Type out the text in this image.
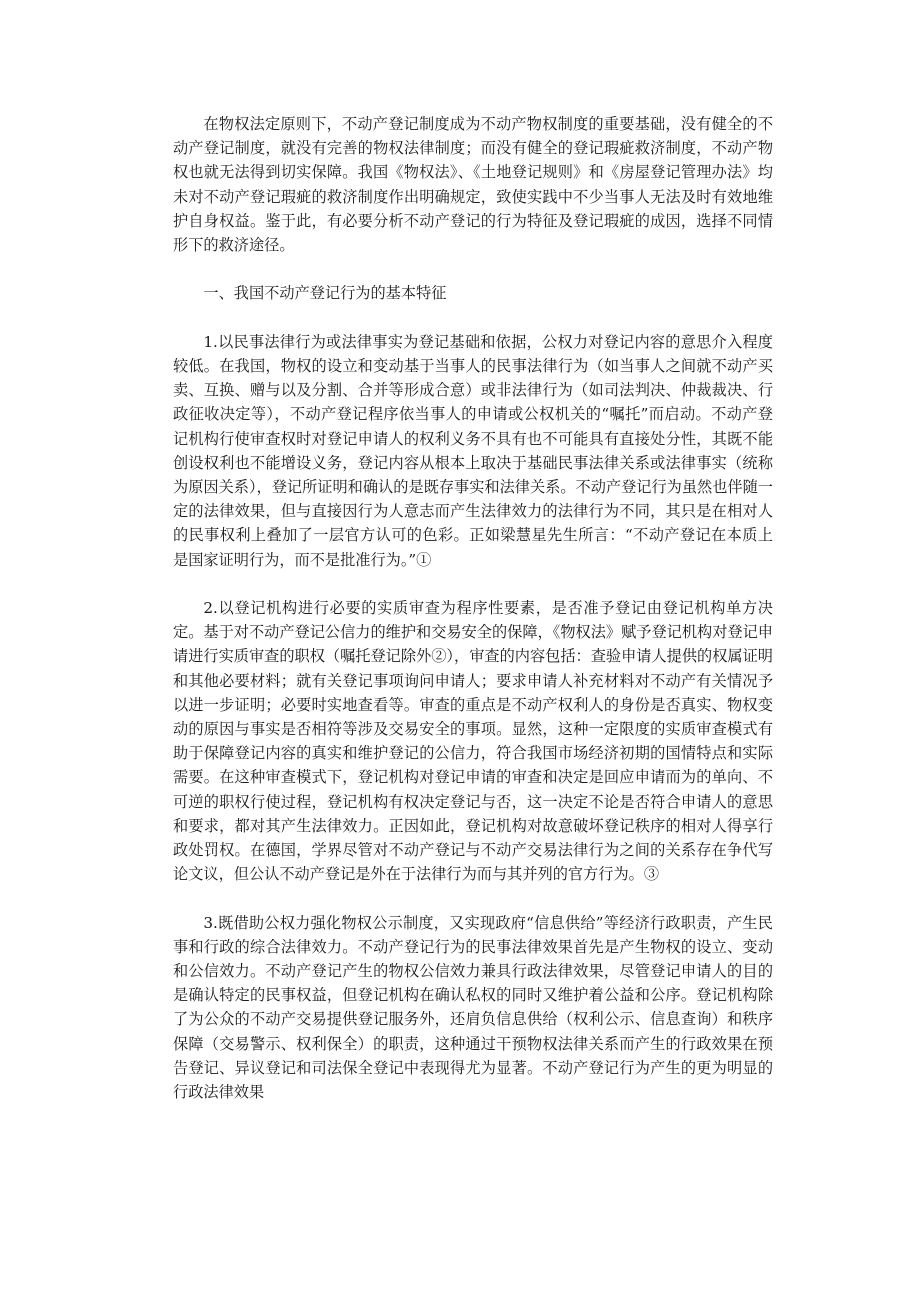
在物权法定原则下，不动产登记制度成为不动产物权制度的重要基础，没有健全的不动产登记制度，就没有完善的物权法律制度；而没有健全的登记瑕疵救济制度，不动产物权也就无法得到切实保障。我国《物权法》、《土地登记规则》和《房屋登记管理办法》均未对不动产登记瑕疵的救济制度作出明确规定，致使实践中不少当事人无法及时有效地维护自身权益。鉴于此，有必要分析不动产登记的行为特征及登记瑕疵的成因，选择不同情形下的救济途径。

一、我国不动产登记行为的基本特征

1.以民事法律行为或法律事实为登记基础和依据，公权力对登记内容的意思介入程度较低。在我国，物权的设立和变动基于当事人的民事法律行为（如当事人之间就不动产买卖、互换、赠与以及分割、合并等形成合意）或非法律行为（如司法判决、仲裁裁决、行政征收决定等），不动产登记程序依当事人的申请或公权机关的“嘱托”而启动。不动产登记机构行使审查权时对登记申请人的权利义务不具有也不可能具有直接处分性，其既不能创设权利也不能增设义务，登记内容从根本上取决于基础民事法律关系或法律事实（统称为原因关系），登记所证明和确认的是既存事实和法律关系。不动产登记行为虽然也伴随一定的法律效果，但与直接因行为人意志而产生法律效力的法律行为不同，其只是在相对人的民事权利上叠加了一层官方认可的色彩。正如梁慧星先生所言：“不动产登记在本质上是国家证明行为，而不是批准行为。”①

2.以登记机构进行必要的实质审查为程序性要素，是否准予登记由登记机构单方决定。基于对不动产登记公信力的维护和交易安全的保障，《物权法》赋予登记机构对登记申请进行实质审查的职权（嘱托登记除外②），审查的内容包括：查验申请人提供的权属证明和其他必要材料；就有关登记事项询问申请人；要求申请人补充材料对不动产有关情况予以进一步证明；必要时实地查看等。审查的重点是不动产权利人的身份是否真实、物权变动的原因与事实是否相符等涉及交易安全的事项。显然，这种一定限度的实质审查模式有助于保障登记内容的真实和维护登记的公信力，符合我国市场经济初期的国情特点和实际需要。在这种审查模式下，登记机构对登记申请的审查和决定是回应申请而为的单向、不可逆的职权行使过程，登记机构有权决定登记与否，这一决定不论是否符合申请人的意思和要求，都对其产生法律效力。正因如此，登记机构对故意破坏登记秩序的相对人得享行政处罚权。在德国，学界尽管对不动产登记与不动产交易法律行为之间的关系存在争代写论文议，但公认不动产登记是外在于法律行为而与其并列的官方行为。③

3.既借助公权力强化物权公示制度，又实现政府“信息供给”等经济行政职责，产生民事和行政的综合法律效力。不动产登记行为的民事法律效果首先是产生物权的设立、变动和公信效力。不动产登记产生的物权公信效力兼具行政法律效果，尽管登记申请人的目的是确认特定的民事权益，但登记机构在确认私权的同时又维护着公益和公序。登记机构除了为公众的不动产交易提供登记服务外，还肩负信息供给（权利公示、信息查询）和秩序保障（交易警示、权利保全）的职责，这种通过干预物权法律关系而产生的行政效果在预告登记、异议登记和司法保全登记中表现得尤为显著。不动产登记行为产生的更为明显的行政法律效果
